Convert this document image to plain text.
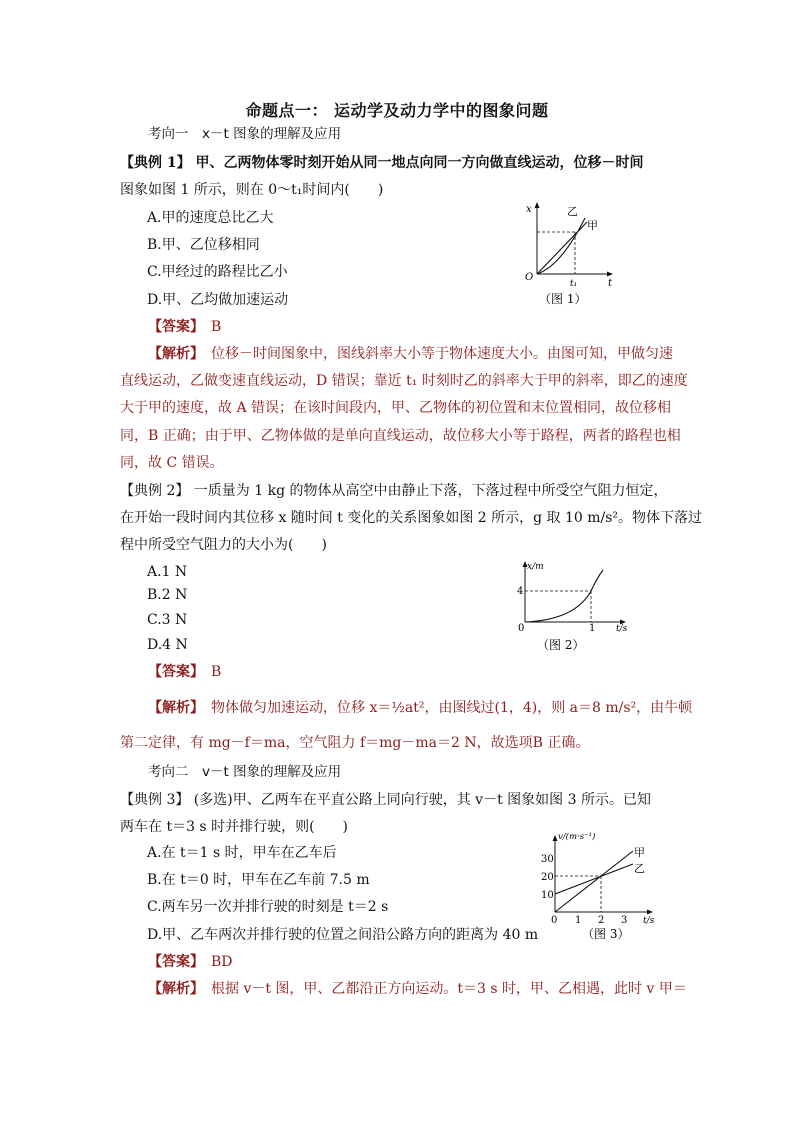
命题点一： 运动学及动力学中的图象问题
考向一　x－t 图象的理解及应用
【典例 1】 甲、乙两物体零时刻开始从同一地点向同一方向做直线运动，位移－时间
图象如图 1 所示，则在 0～t₁时间内(　　)
A.甲的速度总比乙大
B.甲、乙位移相同
C.甲经过的路程比乙小
D.甲、乙均做加速运动
x
t
O
t₁
乙
甲
（图 1）
【答案】　 B
【解析】　 位移－时间图象中，图线斜率大小等于物体速度大小。由图可知，甲做匀速
直线运动，乙做变速直线运动，D 错误；靠近 t₁ 时刻时乙的斜率大于甲的斜率，即乙的速度
大于甲的速度，故 A 错误；在该时间段内，甲、乙物体的初位置和末位置相同，故位移相
同，B 正确；由于甲、乙物体做的是单向直线运动，故位移大小等于路程，两者的路程也相
同，故 C 错误。
【典例 2】 一质量为 1 kg 的物体从高空中由静止下落，下落过程中所受空气阻力恒定，
在开始一段时间内其位移 x 随时间 t 变化的关系图象如图 2 所示，g 取 10 m/s²。物体下落过
程中所受空气阻力的大小为(　　)
A.1 N
B.2 N
C.3 N
D.4 N
x/m
4
0	1 t/s
（图 2）
【答案】　 B
【解析】　 物体做匀加速运动，位移 x＝½at²，由图线过(1，4)，则 a＝8 m/s²，由牛顿
第二定律，有 mg－f＝ma，空气阻力 f＝mg－ma＝2 N，故选项B 正确。
考向二　v－t 图象的理解及应用
【典例 3】 (多选)甲、乙两车在平直公路上同向行驶，其 v－t 图象如图 3 所示。已知
两车在 t＝3 s 时并排行驶，则(　　)
A.在 t＝1 s 时，甲车在乙车后
B.在 t＝0 时，甲车在乙车前 7.5 m
C.两车另一次并排行驶的时刻是 t＝2 s
D.甲、乙车两次并排行驶的位置之间沿公路方向的距离为 40 m
v/(m·s⁻¹)
10
20
30
0 1 2 3 t/s
甲
乙
（图 3）
【答案】　 BD
【解析】　 根据 v－t 图，甲、乙都沿正方向运动。t＝3 s 时，甲、乙相遇，此时 v 甲＝
